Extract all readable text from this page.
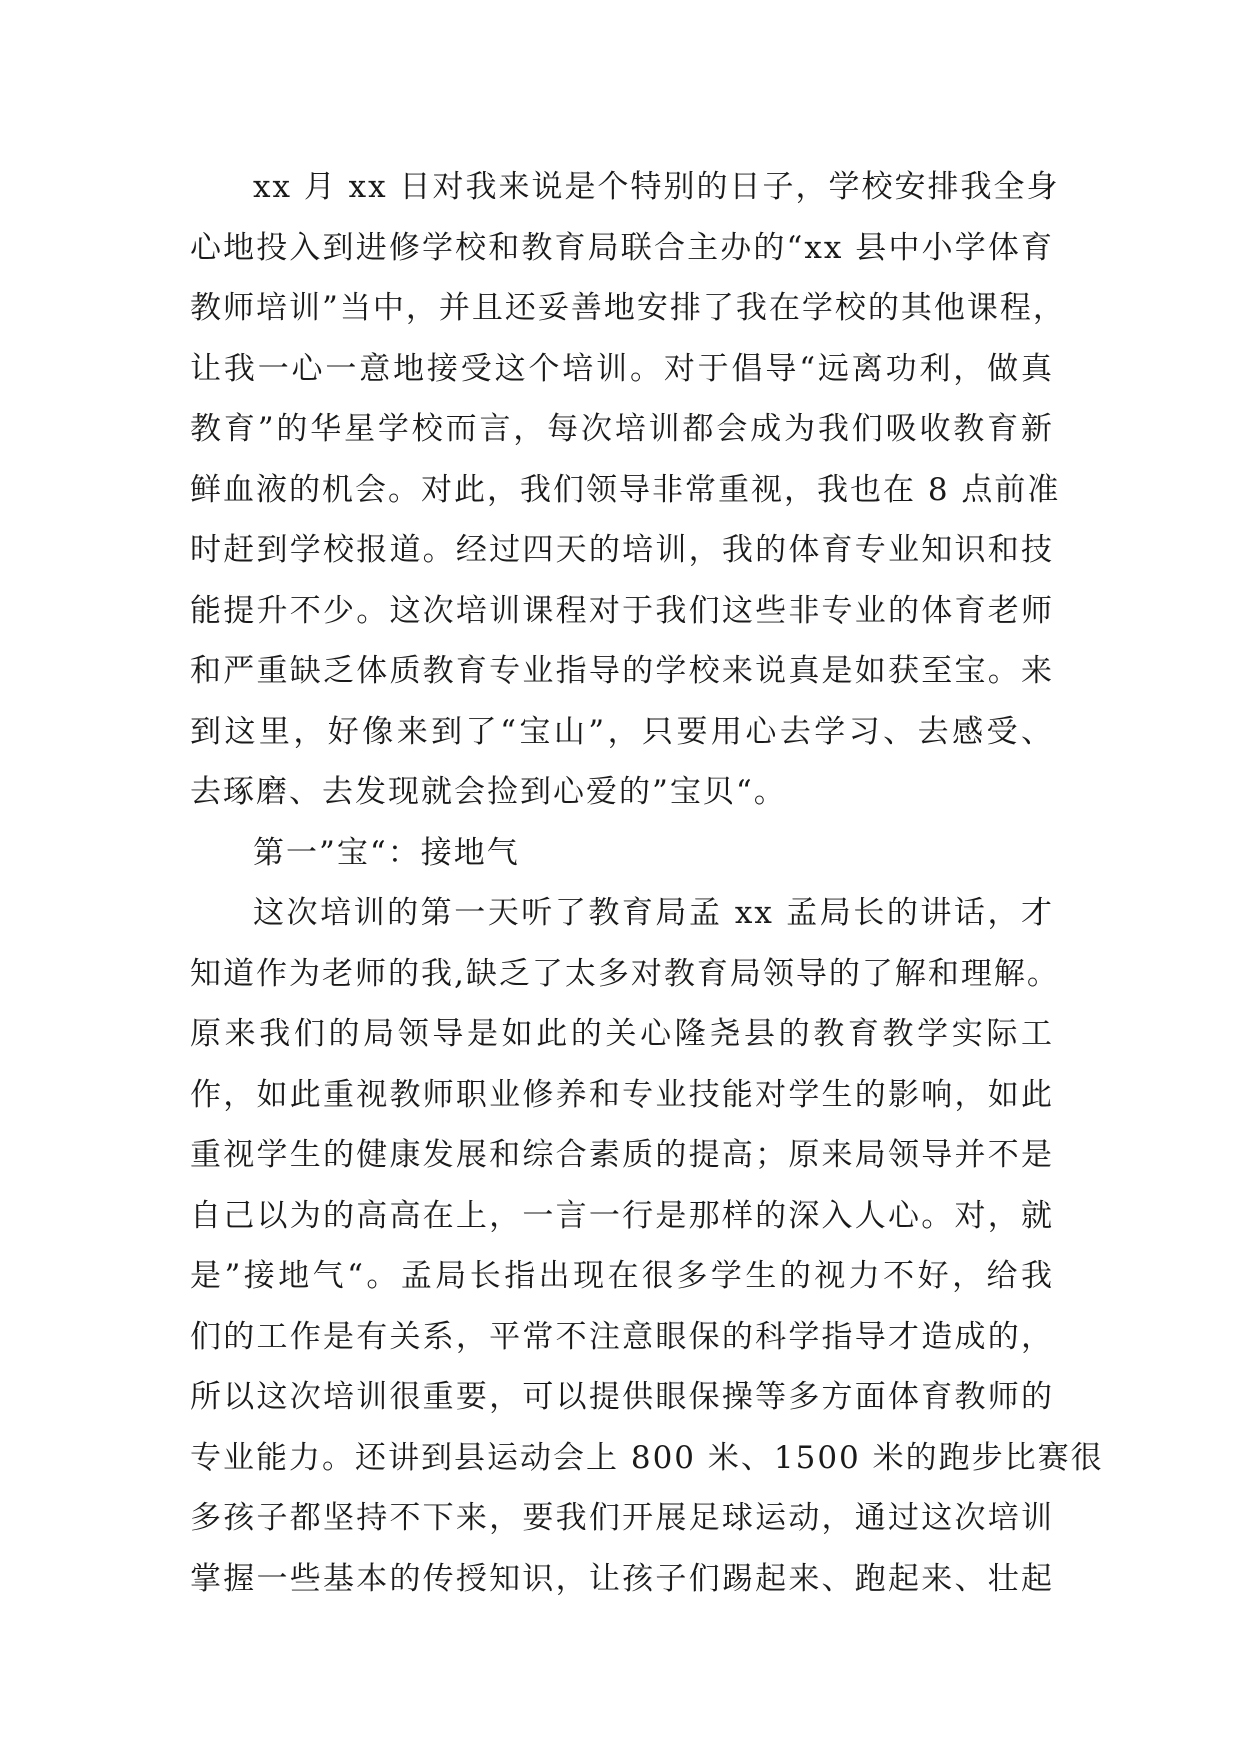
xx 月 xx 日对我来说是个特别的日子，学校安排我全身
心地投入到进修学校和教育局联合主办的“xx 县中小学体育
教师培训”当中，并且还妥善地安排了我在学校的其他课程，
让我一心一意地接受这个培训。对于倡导“远离功利，做真
教育”的华星学校而言，每次培训都会成为我们吸收教育新
鲜血液的机会。对此，我们领导非常重视，我也在 8 点前准
时赶到学校报道。经过四天的培训，我的体育专业知识和技
能提升不少。这次培训课程对于我们这些非专业的体育老师
和严重缺乏体质教育专业指导的学校来说真是如获至宝。来
到这里，好像来到了“宝山”，只要用心去学习、去感受、
去琢磨、去发现就会捡到心爱的”宝贝“。
第一”宝“：接地气
这次培训的第一天听了教育局孟 xx 孟局长的讲话，才
知道作为老师的我,缺乏了太多对教育局领导的了解和理解。
原来我们的局领导是如此的关心隆尧县的教育教学实际工
作，如此重视教师职业修养和专业技能对学生的影响，如此
重视学生的健康发展和综合素质的提高；原来局领导并不是
自己以为的高高在上，一言一行是那样的深入人心。对，就
是”接地气“。孟局长指出现在很多学生的视力不好，给我
们的工作是有关系，平常不注意眼保的科学指导才造成的，
所以这次培训很重要，可以提供眼保操等多方面体育教师的
专业能力。还讲到县运动会上 800 米、1500 米的跑步比赛很
多孩子都坚持不下来，要我们开展足球运动，通过这次培训
掌握一些基本的传授知识，让孩子们踢起来、跑起来、壮起
